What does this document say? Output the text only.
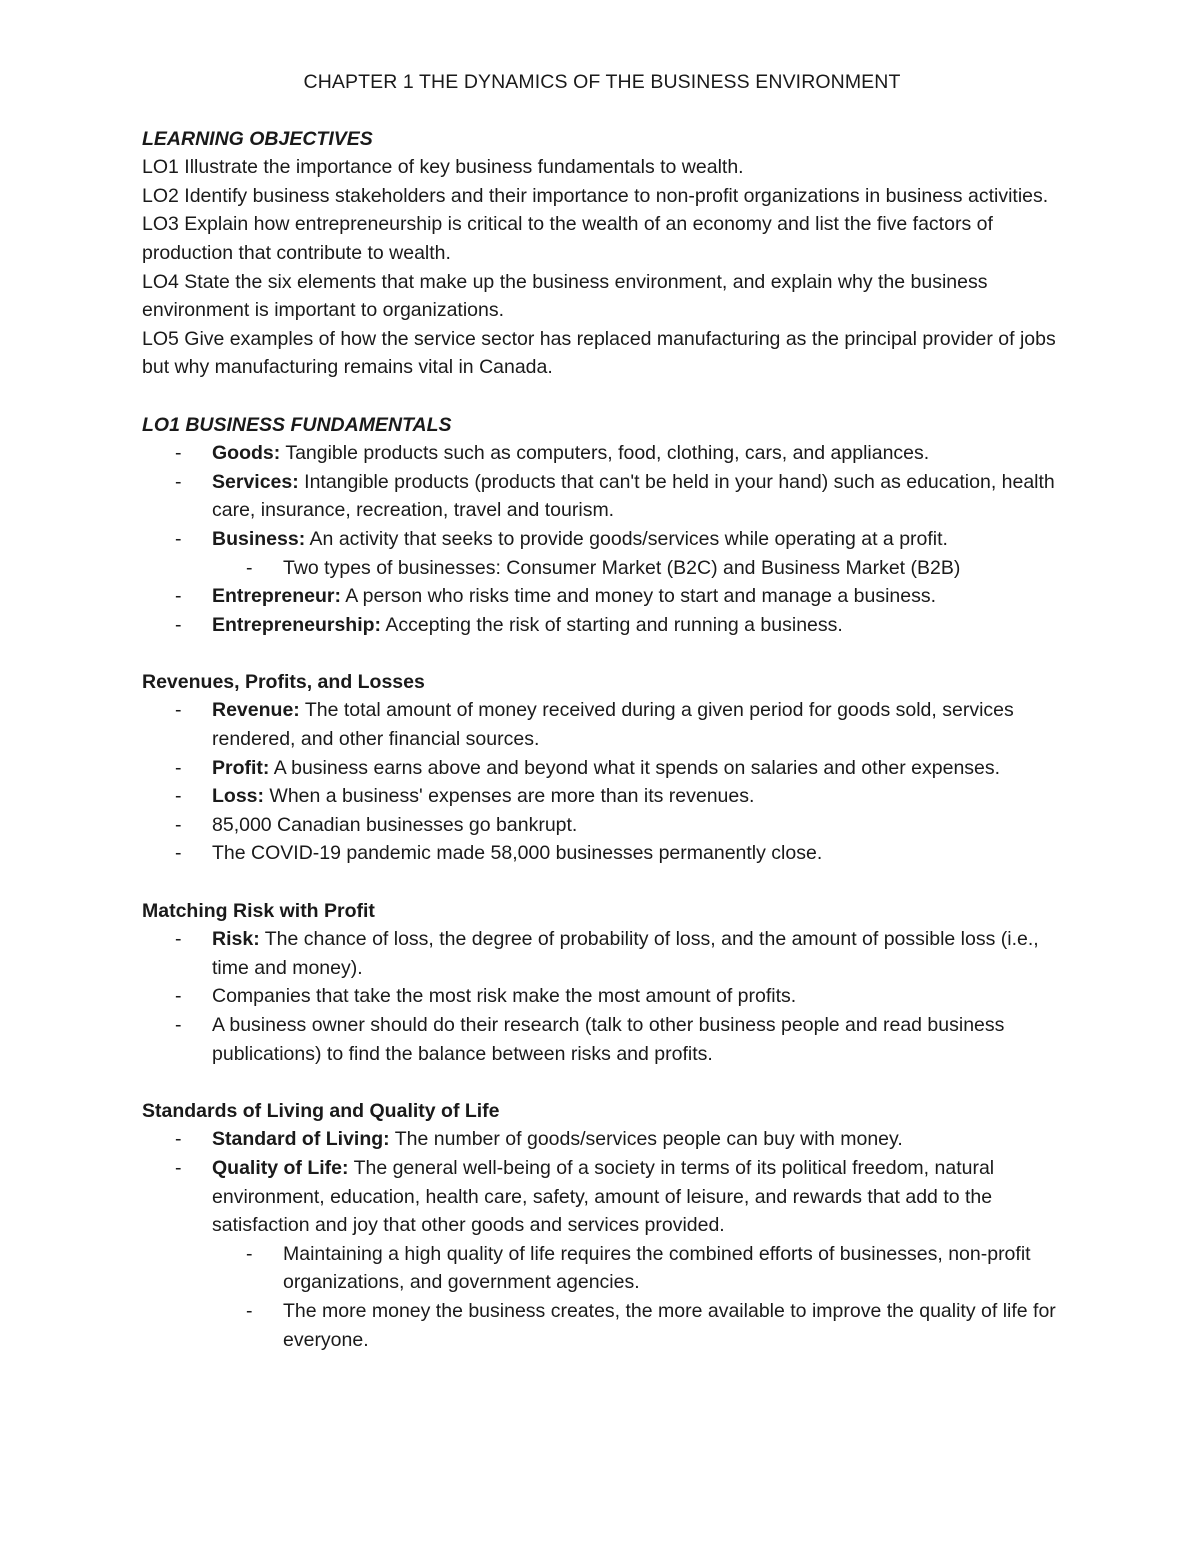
CHAPTER 1 THE DYNAMICS OF THE BUSINESS ENVIRONMENT
LEARNING OBJECTIVES
LO1 Illustrate the importance of key business fundamentals to wealth.
LO2 Identify business stakeholders and their importance to non-profit organizations in business activities.
LO3 Explain how entrepreneurship is critical to the wealth of an economy and list the five factors of production that contribute to wealth.
LO4 State the six elements that make up the business environment, and explain why the business environment is important to organizations.
LO5 Give examples of how the service sector has replaced manufacturing as the principal provider of jobs but why manufacturing remains vital in Canada.
LO1 BUSINESS FUNDAMENTALS
- Goods: Tangible products such as computers, food, clothing, cars, and appliances.
- Services: Intangible products (products that can't be held in your hand) such as education, health care, insurance, recreation, travel and tourism.
- Business: An activity that seeks to provide goods/services while operating at a profit.
- Two types of businesses: Consumer Market (B2C) and Business Market (B2B)
- Entrepreneur: A person who risks time and money to start and manage a business.
- Entrepreneurship: Accepting the risk of starting and running a business.
Revenues, Profits, and Losses
- Revenue: The total amount of money received during a given period for goods sold, services rendered, and other financial sources.
- Profit: A business earns above and beyond what it spends on salaries and other expenses.
- Loss: When a business' expenses are more than its revenues.
- 85,000 Canadian businesses go bankrupt.
- The COVID-19 pandemic made 58,000 businesses permanently close.
Matching Risk with Profit
- Risk: The chance of loss, the degree of probability of loss, and the amount of possible loss (i.e., time and money).
- Companies that take the most risk make the most amount of profits.
- A business owner should do their research (talk to other business people and read business publications) to find the balance between risks and profits.
Standards of Living and Quality of Life
- Standard of Living: The number of goods/services people can buy with money.
- Quality of Life: The general well-being of a society in terms of its political freedom, natural environment, education, health care, safety, amount of leisure, and rewards that add to the satisfaction and joy that other goods and services provided.
- Maintaining a high quality of life requires the combined efforts of businesses, non-profit organizations, and government agencies.
- The more money the business creates, the more available to improve the quality of life for everyone.
